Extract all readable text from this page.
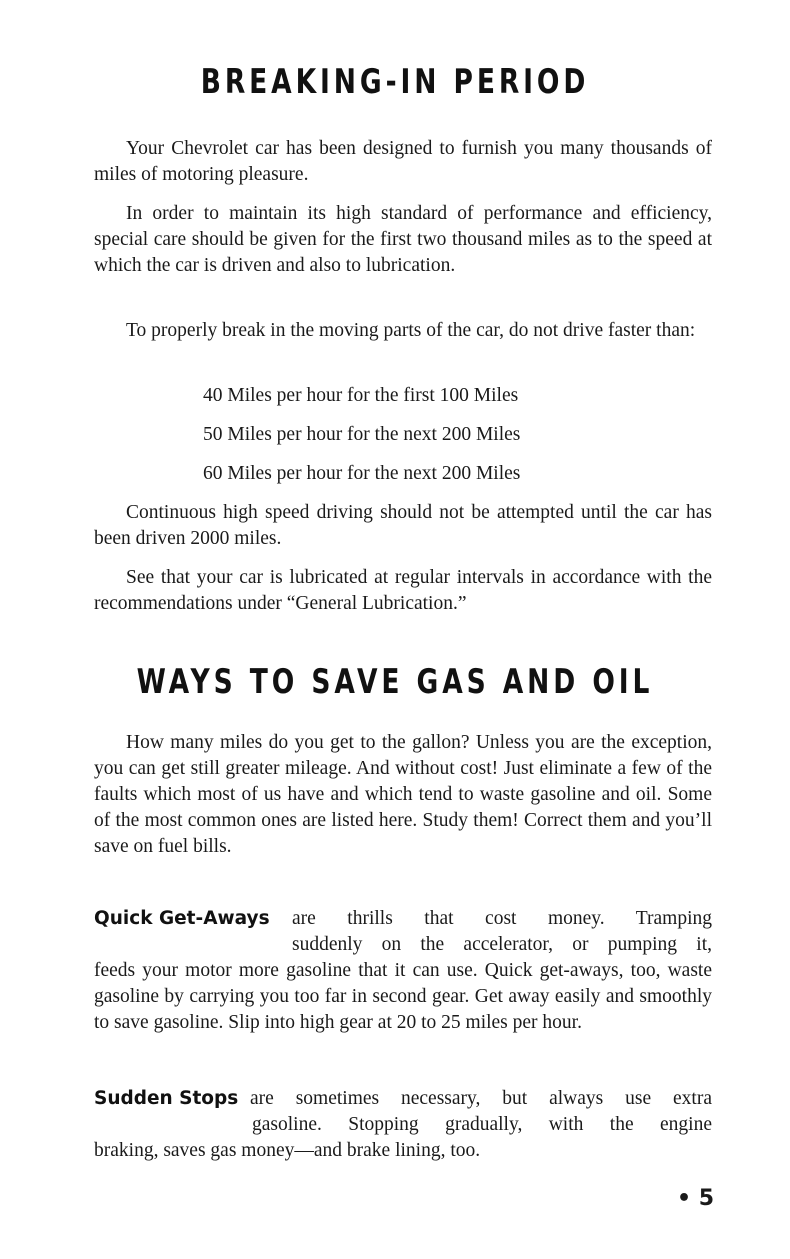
BREAKING-IN PERIOD

Your Chevrolet car has been designed to furnish you many thousands of miles of motoring pleasure.

In order to maintain its high standard of performance and efficiency, special care should be given for the first two thousand miles as to the speed at which the car is driven and also to lubrication.

To properly break in the moving parts of the car, do not drive faster than:

40 Miles per hour for the first 100 Miles

50 Miles per hour for the next 200 Miles

60 Miles per hour for the next 200 Miles

Continuous high speed driving should not be attempted until the car has been driven 2000 miles.

See that your car is lubricated at regular intervals in accordance with the recommendations under “General Lubrication.”

WAYS TO SAVE GAS AND OIL

How many miles do you get to the gallon? Unless you are the exception, you can get still greater mileage. And without cost! Just eliminate a few of the faults which most of us have and which tend to waste gasoline and oil. Some of the most common ones are listed here. Study them! Correct them and you’ll save on fuel bills.

Quick Get-Aways are thrills that cost money. Tramping
suddenly on the accelerator, or pumping it,
feeds your motor more gasoline that it can use. Quick get-aways, too, waste gasoline by carrying you too far in second gear. Get away easily and smoothly to save gasoline. Slip into high gear at 20 to 25 miles per hour.
Sudden Stops are sometimes necessary, but always use extra
gasoline. Stopping gradually, with the engine
braking, saves gas money—and brake lining, too.

• 5
